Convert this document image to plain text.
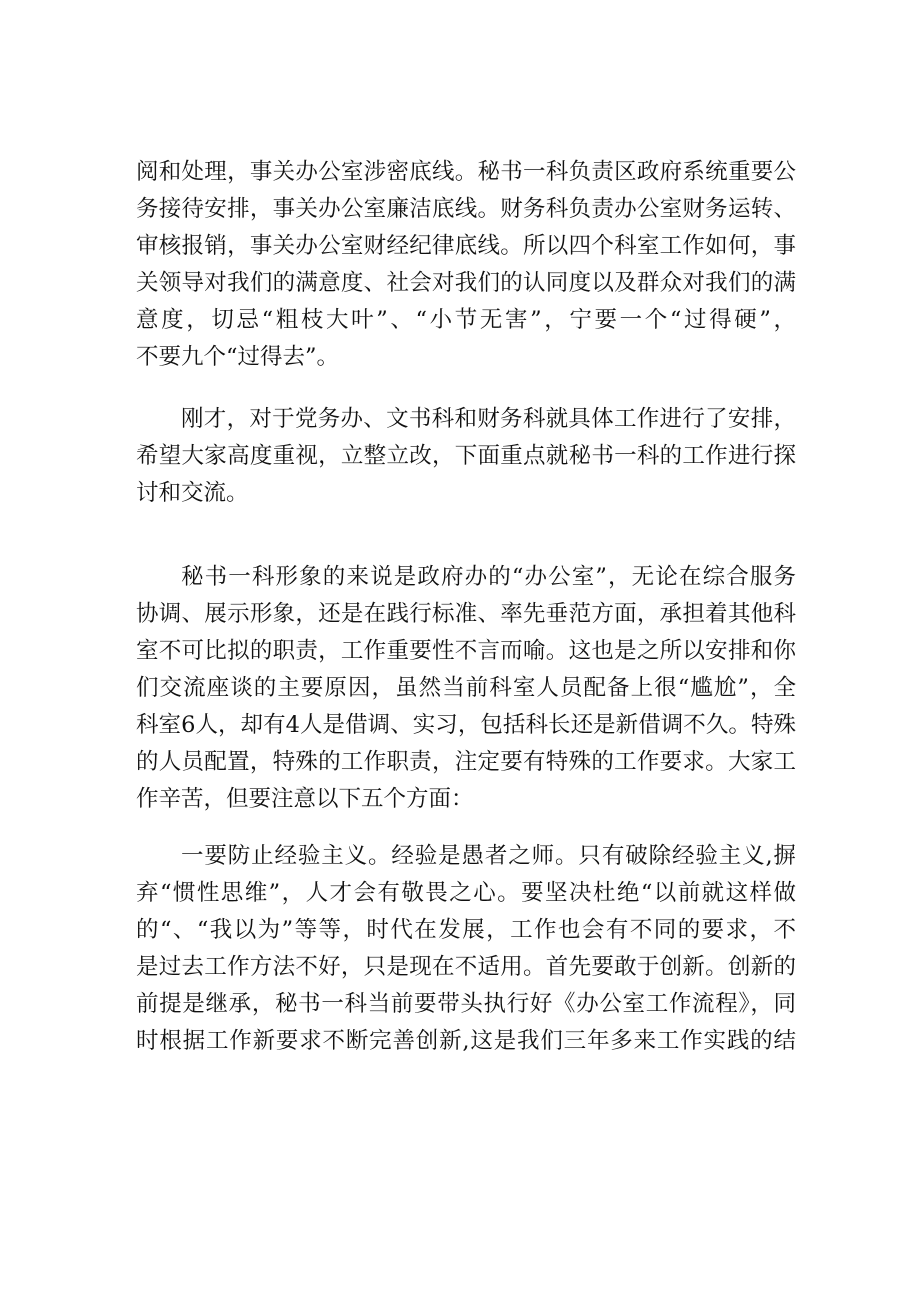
阅和处理，事关办公室涉密底线。秘书一科负责区政府系统重要公
务接待安排，事关办公室廉洁底线。财务科负责办公室财务运转、
审核报销，事关办公室财经纪律底线。所以四个科室工作如何，事
关领导对我们的满意度、社会对我们的认同度以及群众对我们的满
意度，切忌“粗枝大叶”、“小节无害”，宁要一个“过得硬”，
不要九个“过得去”。
刚才，对于党务办、文书科和财务科就具体工作进行了安排，
希望大家高度重视，立整立改，下面重点就秘书一科的工作进行探
讨和交流。
秘书一科形象的来说是政府办的“办公室”，无论在综合服务
协调、展示形象，还是在践行标准、率先垂范方面，承担着其他科
室不可比拟的职责，工作重要性不言而喻。这也是之所以安排和你
们交流座谈的主要原因，虽然当前科室人员配备上很“尴尬”，全
科室6人，却有4人是借调、实习，包括科长还是新借调不久。特殊
的人员配置，特殊的工作职责，注定要有特殊的工作要求。大家工
作辛苦，但要注意以下五个方面：
一要防止经验主义。经验是愚者之师。只有破除经验主义,摒
弃“惯性思维”，人才会有敬畏之心。要坚决杜绝“以前就这样做
的“、“我以为”等等，时代在发展，工作也会有不同的要求，不
是过去工作方法不好，只是现在不适用。首先要敢于创新。创新的
前提是继承，秘书一科当前要带头执行好《办公室工作流程》，同
时根据工作新要求不断完善创新,这是我们三年多来工作实践的结
